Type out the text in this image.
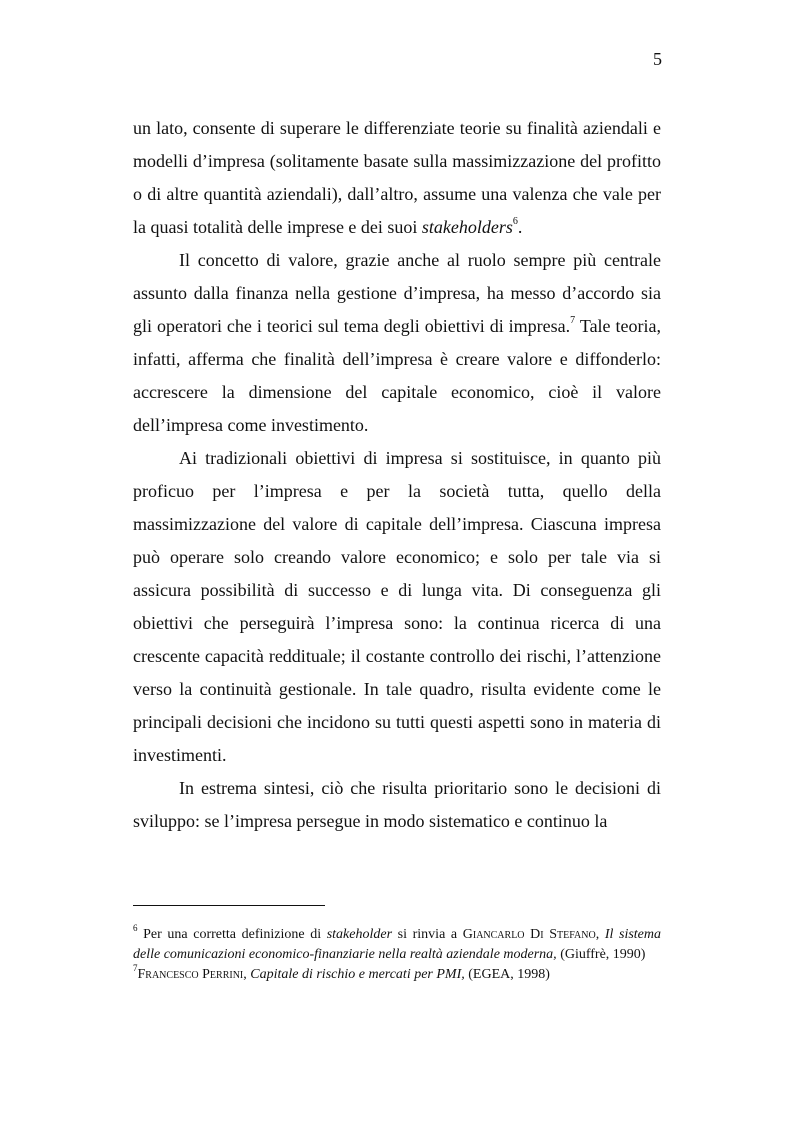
5

un lato, consente di superare le differenziate teorie su finalità aziendali e modelli d’impresa (solitamente basate sulla massimizzazione del profitto o di altre quantità aziendali), dall’altro, assume una valenza che vale per la quasi totalità delle imprese e dei suoi stakeholders$^6$.

Il concetto di valore, grazie anche al ruolo sempre più centrale assunto dalla finanza nella gestione d’impresa, ha messo d’accordo sia gli operatori che i teorici sul tema degli obiettivi di impresa.$^7$ Tale teoria, infatti, afferma che finalità dell’impresa è creare valore e diffonderlo: accrescere la dimensione del capitale economico, cioè il valore dell’impresa come investimento.

Ai tradizionali obiettivi di impresa si sostituisce, in quanto più proficuo per l’impresa e per la società tutta, quello della massimizzazione del valore di capitale dell’impresa. Ciascuna impresa può operare solo creando valore economico; e solo per tale via si assicura possibilità di successo e di lunga vita. Di conseguenza gli obiettivi che perseguirà l’impresa sono: la continua ricerca di una crescente capacità reddituale; il costante controllo dei rischi, l’attenzione verso la continuità gestionale. In tale quadro, risulta evidente come le principali decisioni che incidono su tutti questi aspetti sono in materia di investimenti.

In estrema sintesi, ciò che risulta prioritario sono le decisioni di sviluppo: se l’impresa persegue in modo sistematico e continuo la

$^6$ Per una corretta definizione di stakeholder si rinvia a Giancarlo Di Stefano, Il sistema delle comunicazioni economico-finanziarie nella realtà aziendale moderna, (Giuffrè, 1990)

$^7$Francesco Perrini, Capitale di rischio e mercati per PMI, (EGEA, 1998)
